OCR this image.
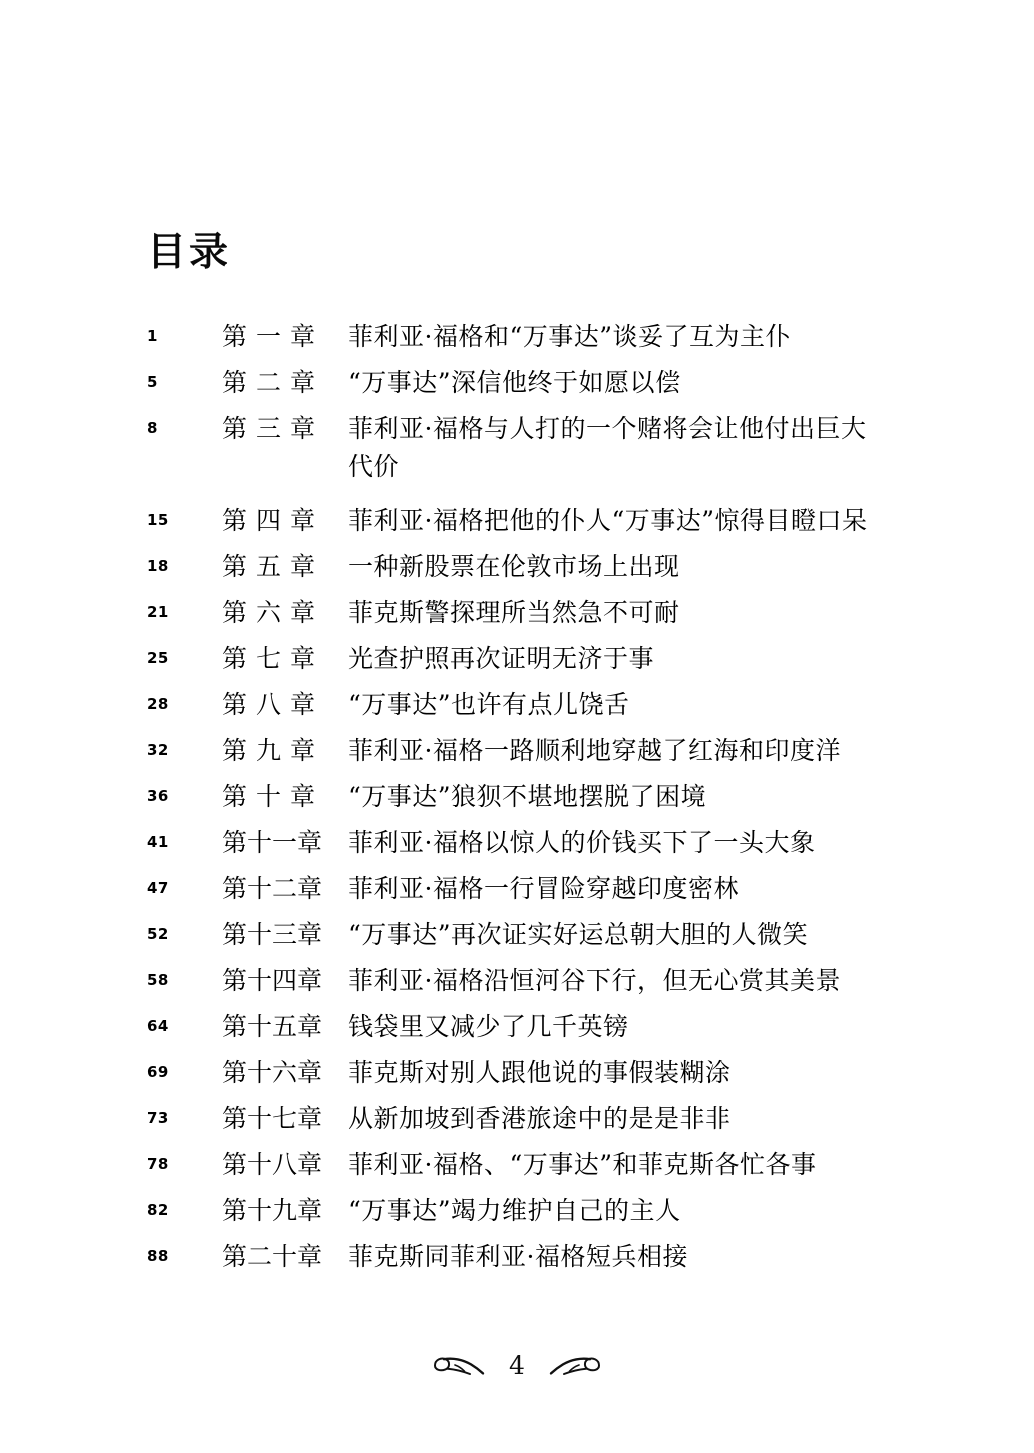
目录
1	第一章 菲利亚·福格和“万事达”谈妥了互为主仆
5	第二章 “万事达”深信他终于如愿以偿
8	第三章 菲利亚·福格与人打的一个赌将会让他付出巨大
代价
15	第四章 菲利亚·福格把他的仆人“万事达”惊得目瞪口呆
18	第五章 一种新股票在伦敦市场上出现
21	第六章 菲克斯警探理所当然急不可耐
25	第七章 光查护照再次证明无济于事
28	第八章 “万事达”也许有点儿饶舌
32	第九章 菲利亚·福格一路顺利地穿越了红海和印度洋
36	第十章 “万事达”狼狈不堪地摆脱了困境
41	第十一章	菲利亚·福格以惊人的价钱买下了一头大象
47	第十二章	菲利亚·福格一行冒险穿越印度密林
52	第十三章	“万事达”再次证实好运总朝大胆的人微笑
58	第十四章	菲利亚·福格沿恒河谷下行，但无心赏其美景
64	第十五章	钱袋里又减少了几千英镑
69	第十六章	菲克斯对别人跟他说的事假装糊涂
73	第十七章	从新加坡到香港旅途中的是是非非
78	第十八章	菲利亚·福格、“万事达”和菲克斯各忙各事
82	第十九章	“万事达”竭力维护自己的主人
88	第二十章	菲克斯同菲利亚·福格短兵相接
4
